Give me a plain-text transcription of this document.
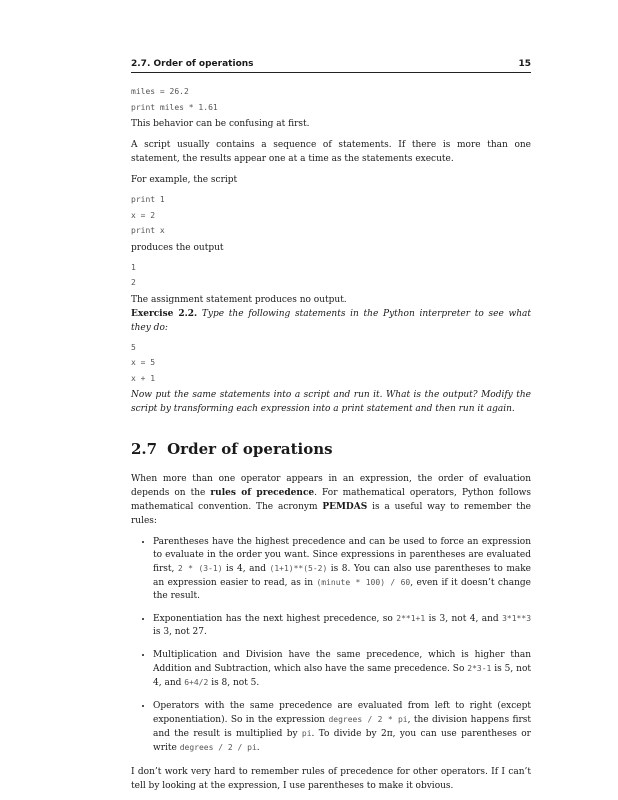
2.7. Order of operations	15
miles = 26.2
print miles * 1.61

This behavior can be confusing at first.

A script usually contains a sequence of statements. If there is more than one statement, the results appear one at a time as the statements execute.

For example, the script

print 1
x = 2
print x

produces the output

1
2

The assignment statement produces no output.

Exercise 2.2. Type the following statements in the Python interpreter to see what they do:

5
x = 5
x + 1

Now put the same statements into a script and run it. What is the output? Modify the script by transforming each expression into a print statement and then run it again.

2.7 Order of operations

When more than one operator appears in an expression, the order of evaluation depends on the rules of precedence. For mathematical operators, Python follows mathematical convention. The acronym PEMDAS is a useful way to remember the rules:

• Parentheses have the highest precedence and can be used to force an expression to evaluate in the order you want. Since expressions in parentheses are evaluated first, 2 * (3-1) is 4, and (1+1)**(5-2) is 8. You can also use parentheses to make an expression easier to read, as in (minute * 100) / 60, even if it doesn’t change the result.
• Exponentiation has the next highest precedence, so 2**1+1 is 3, not 4, and 3*1**3 is 3, not 27.
• Multiplication and Division have the same precedence, which is higher than Addition and Subtraction, which also have the same precedence. So 2*3-1 is 5, not 4, and 6+4/2 is 8, not 5.
• Operators with the same precedence are evaluated from left to right (except exponentiation). So in the expression degrees / 2 * pi, the division happens first and the result is multiplied by pi. To divide by 2π, you can use parentheses or write degrees / 2 / pi.

I don’t work very hard to remember rules of precedence for other operators. If I can’t tell by looking at the expression, I use parentheses to make it obvious.
